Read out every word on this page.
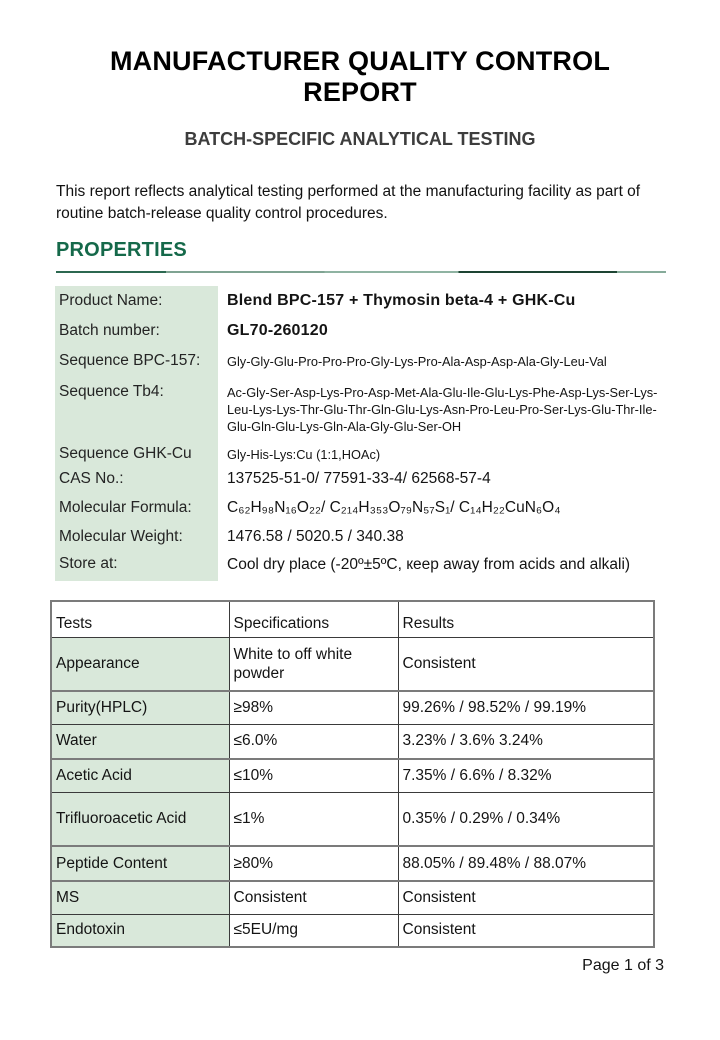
MANUFACTURER QUALITY CONTROL REPORT
BATCH-SPECIFIC ANALYTICAL TESTING

This report reflects analytical testing performed at the manufacturing facility as part of routine batch-release quality control procedures.

PROPERTIES
Product Name:	Blend BPC-157 + Thymosin beta-4 + GHK-Cu
Batch number:	GL70-260120
Sequence BPC-157:	Gly-Gly-Glu-Pro-Pro-Pro-Gly-Lys-Pro-Ala-Asp-Asp-Ala-Gly-Leu-Val
Sequence Tb4:	Ac-Gly-Ser-Asp-Lys-Pro-Asp-Met-Ala-Glu-Ile-Glu-Lys-Phe-Asp-Lys-Ser-Lys-Leu-Lys-Lys-Thr-Glu-Thr-Gln-Glu-Lys-Asn-Pro-Leu-Pro-Ser-Lys-Glu-Thr-Ile-Glu-Gln-Glu-Lys-Gln-Ala-Gly-Glu-Ser-OH
Sequence GHK-Cu	Gly-His-Lys:Cu (1:1,HOAc)
CAS No.:	137525-51-0/ 77591-33-4/ 62568-57-4
Molecular Formula:	C₆₂H₉₈N₁₆O₂₂/ C₂₁₄H₃₅₃O₇₉N₅₇S₁/ C₁₄H₂₂CuN₆O₄
Molecular Weight:	1476.58 / 5020.5 / 340.38
Store at:	Cool dry place (-20º±5ºC, кeep away from acids and alkali)
Tests	Specifications	Results
Appearance	White to off white powder	Consistent
Purity(HPLC)	≥98%	99.26% / 98.52% / 99.19%
Water	≤6.0%	3.23% / 3.6% 3.24%
Acetic Acid	≤10%	7.35% / 6.6% / 8.32%
Trifluoroacetic Acid	≤1%	0.35% / 0.29% / 0.34%
Peptide Content	≥80%	88.05% / 89.48% / 88.07%
MS	Consistent	Consistent
Endotoxin	≤5EU/mg	Consistent
Page 1 of 3
